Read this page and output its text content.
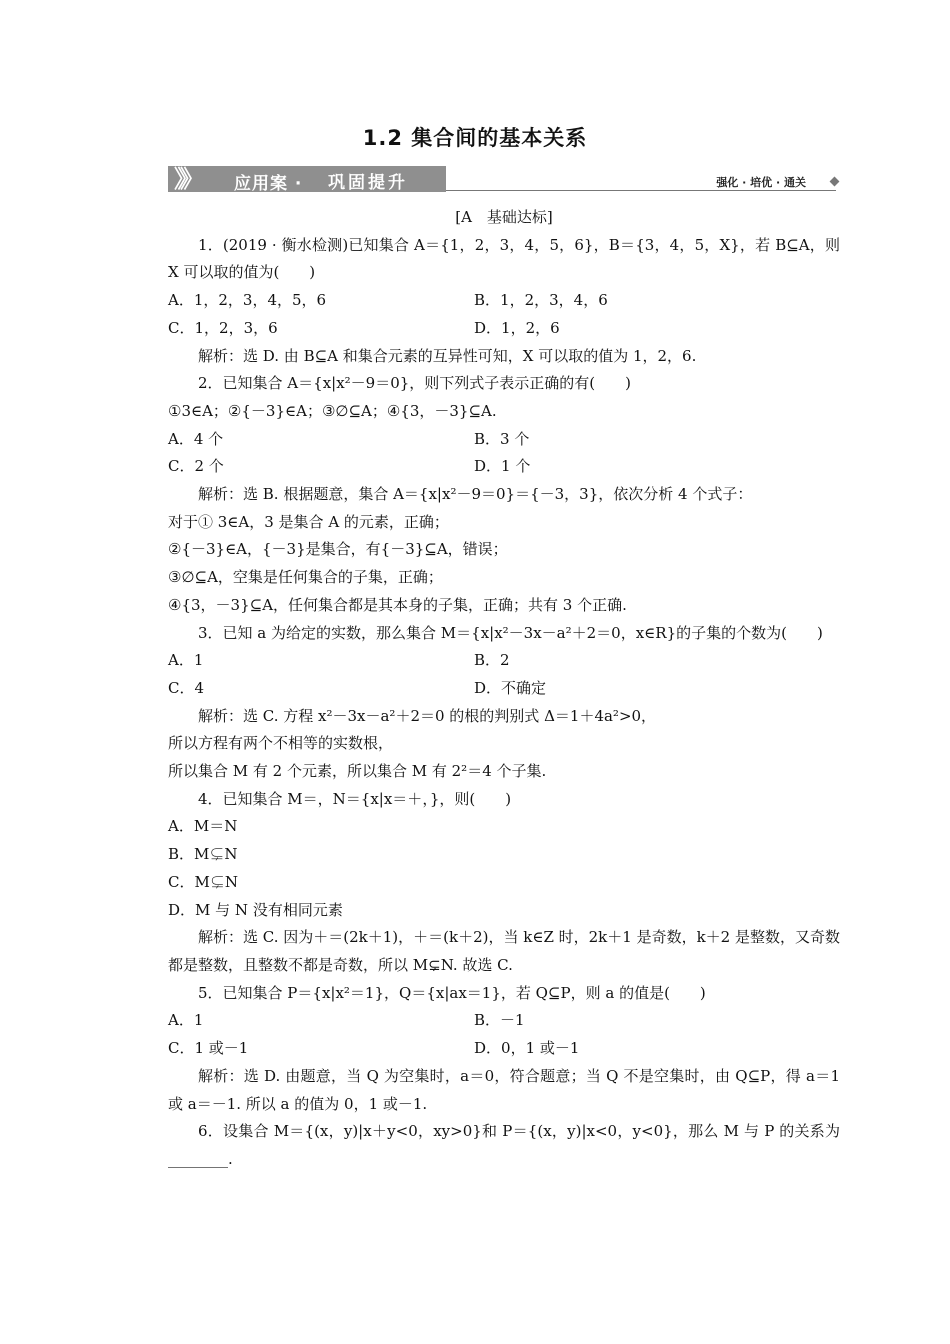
1.2 集合间的基本关系
》》 应用案 · 巩固提升	强化 · 培优 · 通关
[A　基础达标]
1．(2019 · 衡水检测)已知集合 A＝{1，2，3，4，5，6}，B＝{3，4，5，X}，若 B⊆A，则 X 可以取的值为(　　)
A．1，2，3，4，5，6	B．1，2，3，4，6
C．1，2，3，6	D．1，2，6
解析：选 D. 由 B⊆A 和集合元素的互异性可知，X 可以取的值为 1，2，6.
2．已知集合 A＝{x|x²－9＝0}，则下列式子表示正确的有(　　)
①3∈A；②{－3}∈A；③∅⊆A；④{3，－3}⊆A.
A．4 个	B．3 个
C．2 个	D．1 个
解析：选 B. 根据题意，集合 A＝{x|x²－9＝0}＝{－3，3}，依次分析 4 个式子：
对于① 3∈A，3 是集合 A 的元素，正确；
②{－3}∈A，{－3}是集合，有{－3}⊆A，错误；
③∅⊆A，空集是任何集合的子集，正确；
④{3，－3}⊆A，任何集合都是其本身的子集，正确；共有 3 个正确.
3．已知 a 为给定的实数，那么集合 M＝{x|x²－3x－a²＋2＝0，x∈R}的子集的个数为(　　)
A．1	B．2
C．4	D．不确定
解析：选 C. 方程 x²－3x－a²＋2＝0 的根的判别式 Δ＝1＋4a²>0，
所以方程有两个不相等的实数根，
所以集合 M 有 2 个元素，所以集合 M 有 2²＝4 个子集.
4．已知集合 M＝，N＝{x|x＝＋，}，则(　　)
A．M＝N
B．M⊊N
C．M⊊N
D．M 与 N 没有相同元素
解析：选 C. 因为＋＝(2k＋1)，＋＝(k＋2)，当 k∈Z 时，2k＋1 是奇数，k＋2 是整数，又奇数都是整数，且整数不都是奇数，所以 M⊊N. 故选 C.
5．已知集合 P＝{x|x²＝1}，Q＝{x|ax＝1}，若 Q⊆P，则 a 的值是(　　)
A．1	B．－1
C．1 或－1	D．0，1 或－1
解析：选 D. 由题意，当 Q 为空集时，a＝0，符合题意；当 Q 不是空集时，由 Q⊆P，得 a＝1 或 a＝－1. 所以 a 的值为 0，1 或－1.
6．设集合 M＝{(x，y)|x＋y<0，xy>0}和 P＝{(x，y)|x<0，y<0}，那么 M 与 P 的关系为________.
